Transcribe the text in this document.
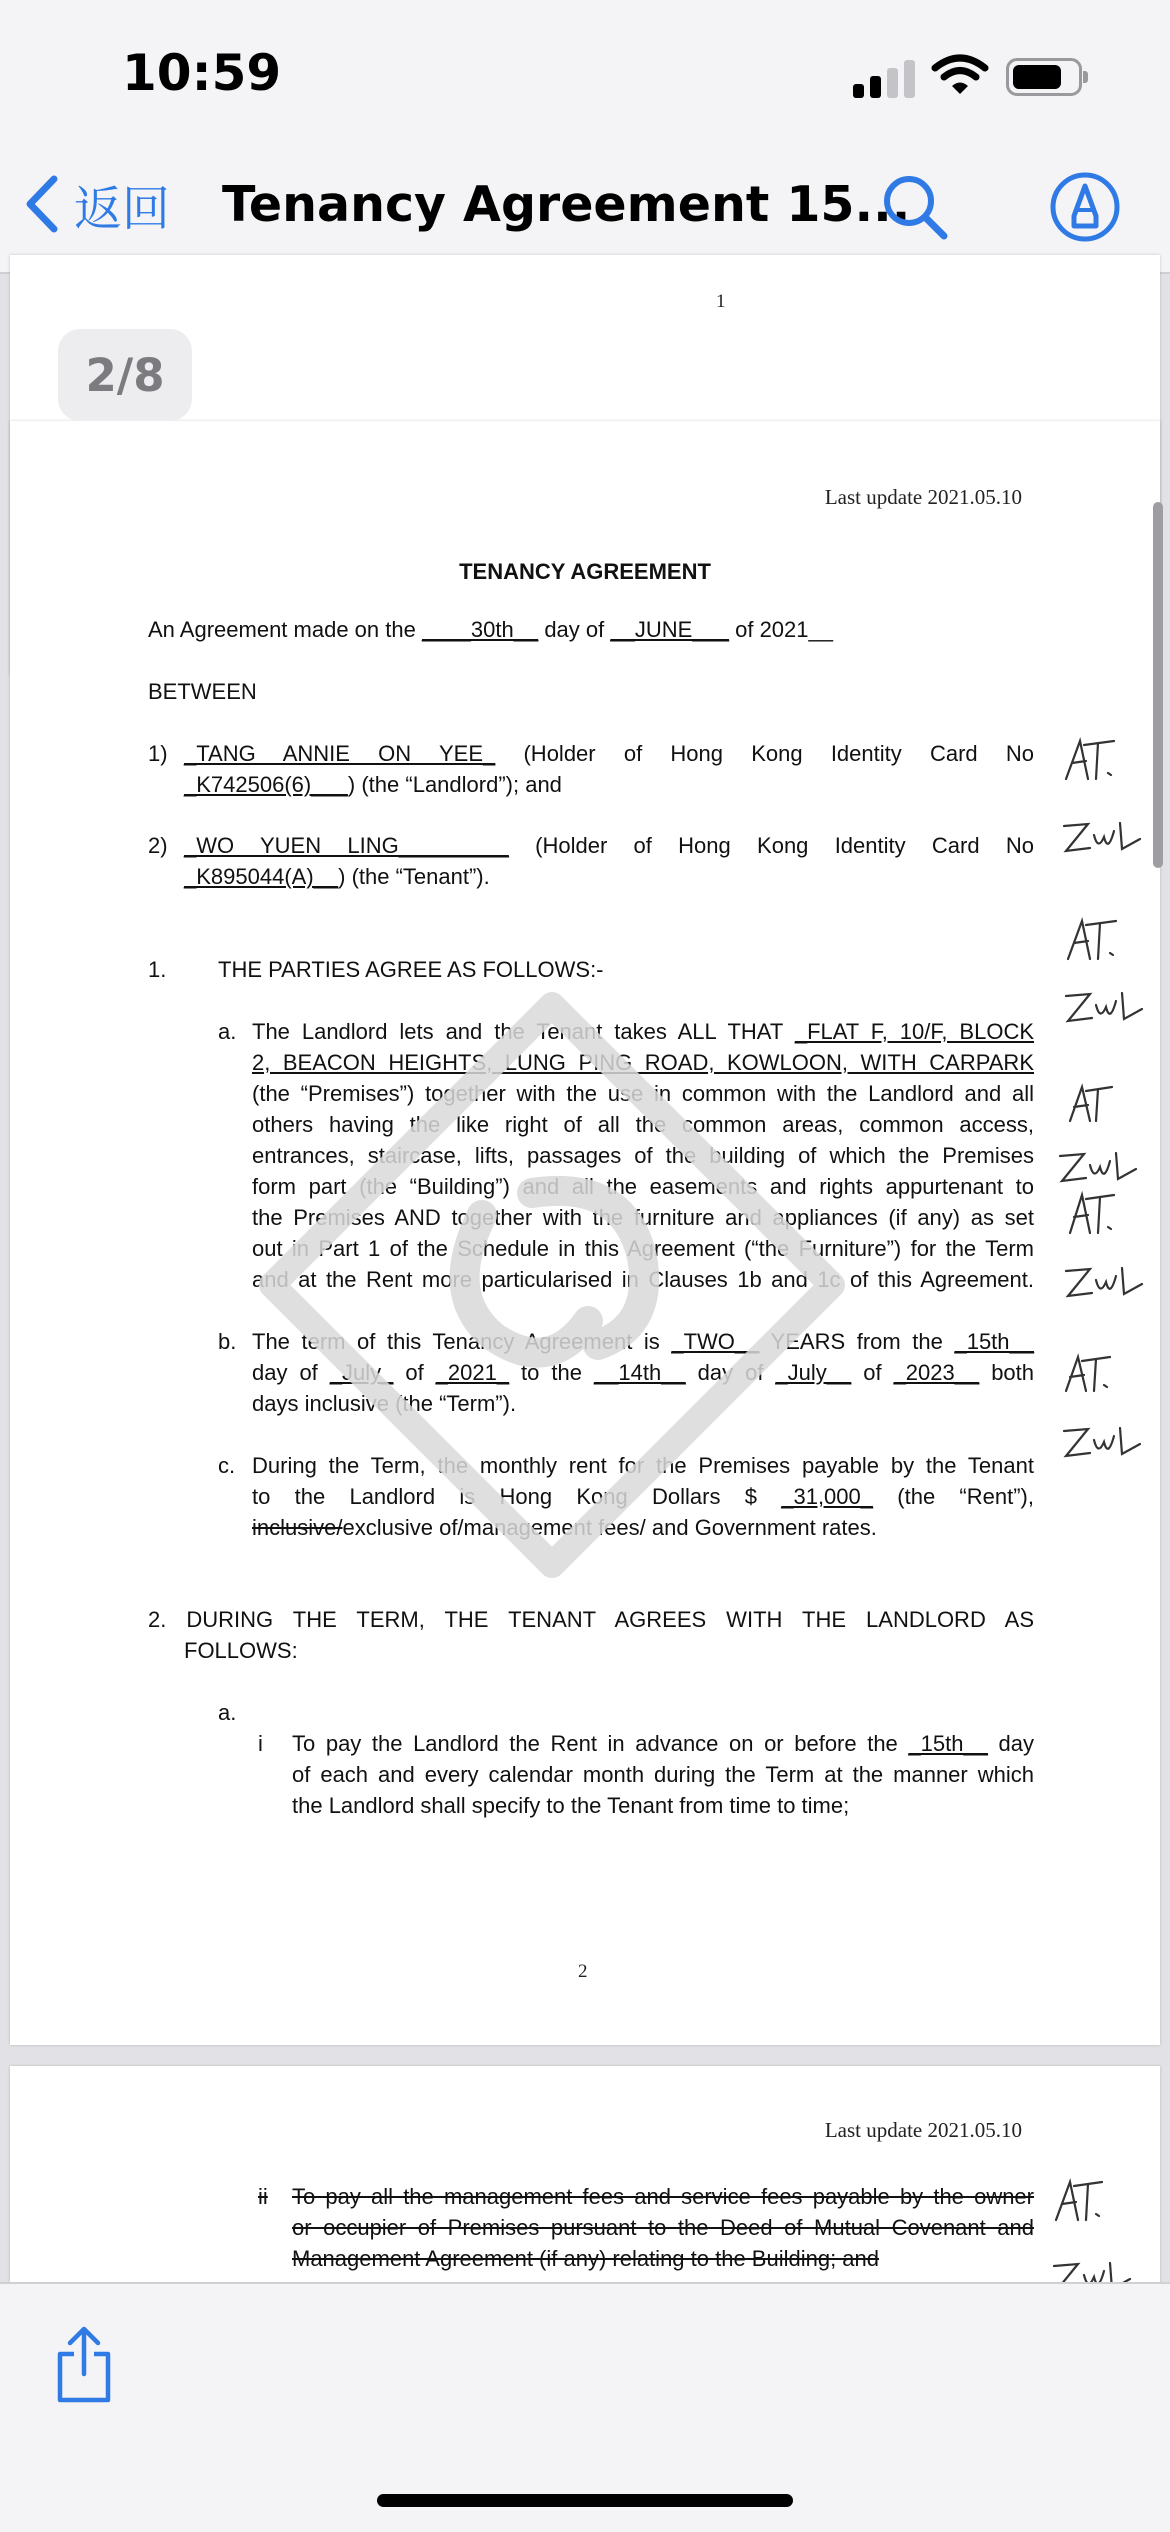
10:59
返回 Tenancy Agreement 15...
1
Last update 2021.05.10
TENANCY AGREEMENT
An Agreement made on the ____30th__ day of __JUNE___ of 2021__
BETWEEN
1) _TANG ANNIE ON YEE_ (Holder of Hong Kong Identity Card No
_K742506(6)___) (the “Landlord”); and
2) _WO YUEN LING_________ (Holder of Hong Kong Identity Card No
_K895044(A)__) (the “Tenant”).
1. THE PARTIES AGREE AS FOLLOWS:-
a. The Landlord lets and the Tenant takes ALL THAT _FLAT F, 10/F, BLOCK
2, BEACON HEIGHTS, LUNG PING ROAD, KOWLOON, WITH CARPARK
(the “Premises”) together with the use in common with the Landlord and all
others having the like right of all the common areas, common access,
entrances, staircase, lifts, passages of the building of which the Premises
form part (the “Building”) and all the easements and rights appurtenant to
the Premises AND together with the furniture and appliances (if any) as set
out in Part 1 of the Schedule in this Agreement (“the Furniture”) for the Term
and at the Rent more particularised in Clauses 1b and 1c of this Agreement.
b. The term of this Tenancy Agreement is _TWO__ YEARS from the _15th__
day of _July_ of _2021_ to the __14th__ day of _July__ of _2023__ both
days inclusive (the “Term”).
c. During the Term, the monthly rent for the Premises payable by the Tenant
to the Landlord is Hong Kong Dollars $ _31,000_ (the “Rent”),
inclusive/exclusive of/management fees/ and Government rates.
2. DURING THE TERM, THE TENANT AGREES WITH THE LANDLORD AS
FOLLOWS:
a.
i To pay the Landlord the Rent in advance on or before the _15th__ day
of each and every calendar month during the Term at the manner which
the Landlord shall specify to the Tenant from time to time;
2
Last update 2021.05.10
ii To pay all the management fees and service fees payable by the owner
or occupier of Premises pursuant to the Deed of Mutual Covenant and
Management Agreement (if any) relating to the Building; and
2/8
